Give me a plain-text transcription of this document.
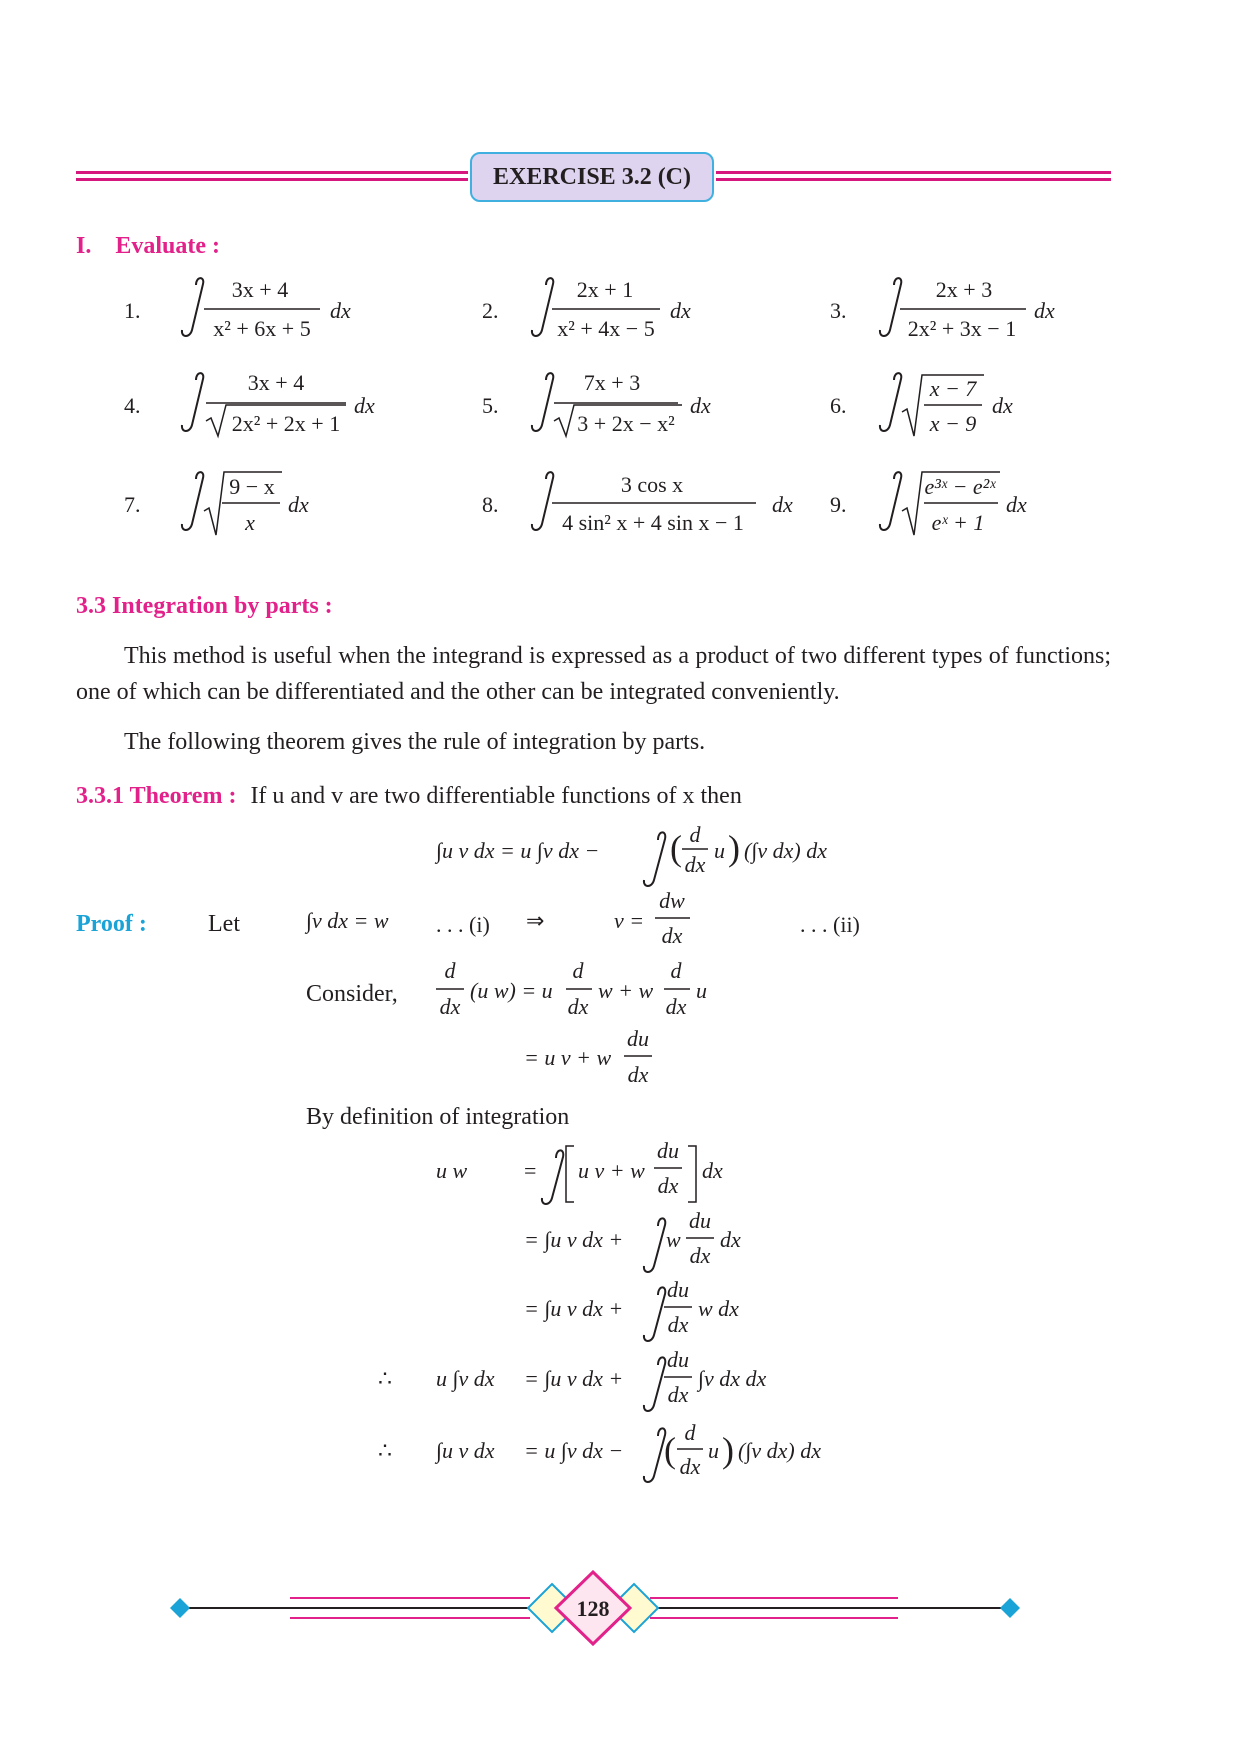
EXERCISE 3.2 (C)
I. Evaluate :
1.
3x + 4
x² + 6x + 5
dx	2.
2x + 1
x² + 4x − 5
dx	3.
2x + 3
2x² + 3x − 1
dx
4.
3x + 4
2x² + 2x + 1
dx	5.
7x + 3
3 + 2x − x²
dx	6.
x − 7
x − 9
dx
7.
9 − x
x
dx	8.
3 cos x
4 sin² x + 4 sin x − 1
dx 9.
e³ˣ − e²ˣ
eˣ + 1
dx
3.3 Integration by parts :
This method is useful when the integrand is expressed as a product of two different types of functions; one of which can be differentiated and the other can be integrated conveniently.
The following theorem gives the rule of integration by parts.
3.3.1 Theorem : If u and v are two differentiable functions of x then
Proof :	Let	. . . (i)	. . . (ii)
Consider,
By definition of integration
∫u v dx = u ∫v dx − ( d
dx
u ) (∫v dx) dx
∫v dx = w	⇒	v =
dw
dx
d
dx
(u w) = u
d
dx
w + w
d
dx
u
= u v + w
du
dx
u w	= u v + w
du
dx
dx
= ∫u v dx + w
du
dx
dx
= ∫u v dx +
du
dx
w dx
∴ u ∫v dx = ∫u v dx +
du
dx
∫v dx dx
∴ ∫u v dx = u ∫v dx − ( d
dx
u ) (∫v dx) dx
128
